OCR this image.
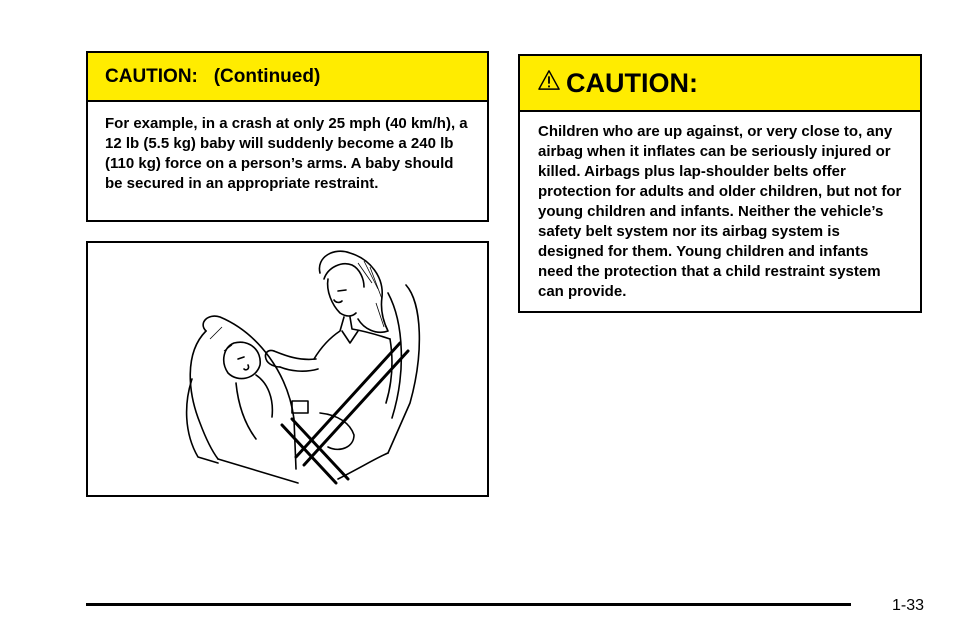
CAUTION:   (Continued)
For example, in a crash at only 25 mph (40 km/h), a 12 lb (5.5 kg) baby will suddenly become a 240 lb (110 kg) force on a person’s arms. A baby should be secured in an appropriate restraint.
CAUTION:
Children who are up against, or very close to, any airbag when it inflates can be seriously injured or killed. Airbags plus lap-shoulder belts offer protection for adults and older children, but not for young children and infants. Neither the vehicle’s safety belt system nor its airbag system is designed for them. Young children and infants need the protection that a child restraint system can provide.
1-33
